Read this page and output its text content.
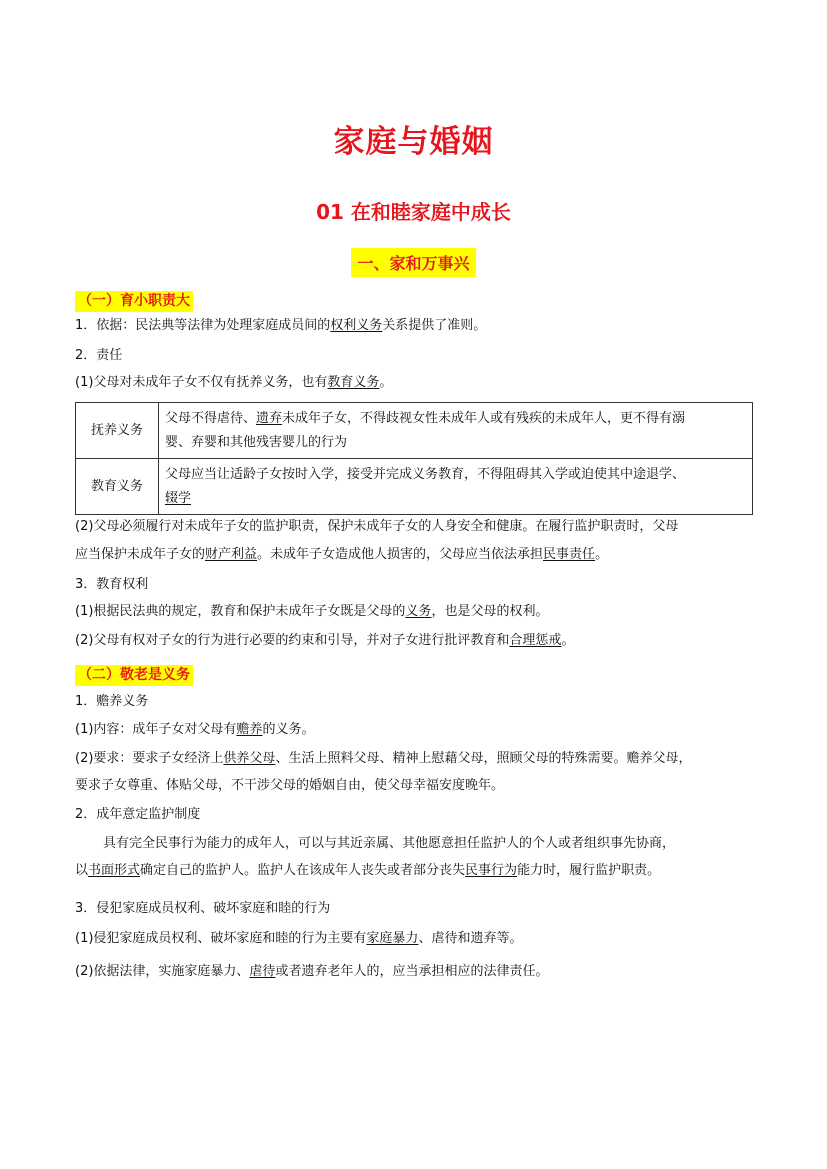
家庭与婚姻
01 在和睦家庭中成长
一、家和万事兴
（一）育小职责大
1．依据：民法典等法律为处理家庭成员间的权利义务关系提供了准则。
2．责任
(1)父母对未成年子女不仅有抚养义务，也有教育义务。
抚养义务	父母不得虐待、遗弃未成年子女，不得歧视女性未成年人或有残疾的未成年人，更不得有溺
婴、弃婴和其他残害婴儿的行为

教育义务	父母应当让适龄子女按时入学，接受并完成义务教育，不得阻碍其入学或迫使其中途退学、
辍学
(2)父母必须履行对未成年子女的监护职责，保护未成年子女的人身安全和健康。在履行监护职责时，父母
应当保护未成年子女的财产利益。未成年子女造成他人损害的，父母应当依法承担民事责任。
3．教育权利
(1)根据民法典的规定，教育和保护未成年子女既是父母的义务，也是父母的权利。
(2)父母有权对子女的行为进行必要的约束和引导，并对子女进行批评教育和合理惩戒。
（二）敬老是义务
1．赡养义务
(1)内容：成年子女对父母有赡养的义务。
(2)要求：要求子女经济上供养父母、生活上照料父母、精神上慰藉父母，照顾父母的特殊需要。赡养父母，
要求子女尊重、体贴父母，不干涉父母的婚姻自由，使父母幸福安度晚年。
2．成年意定监护制度
具有完全民事行为能力的成年人，可以与其近亲属、其他愿意担任监护人的个人或者组织事先协商，
以书面形式确定自己的监护人。监护人在该成年人丧失或者部分丧失民事行为能力时，履行监护职责。
3．侵犯家庭成员权利、破坏家庭和睦的行为
(1)侵犯家庭成员权利、破坏家庭和睦的行为主要有家庭暴力、虐待和遗弃等。
(2)依据法律，实施家庭暴力、虐待或者遗弃老年人的，应当承担相应的法律责任。
